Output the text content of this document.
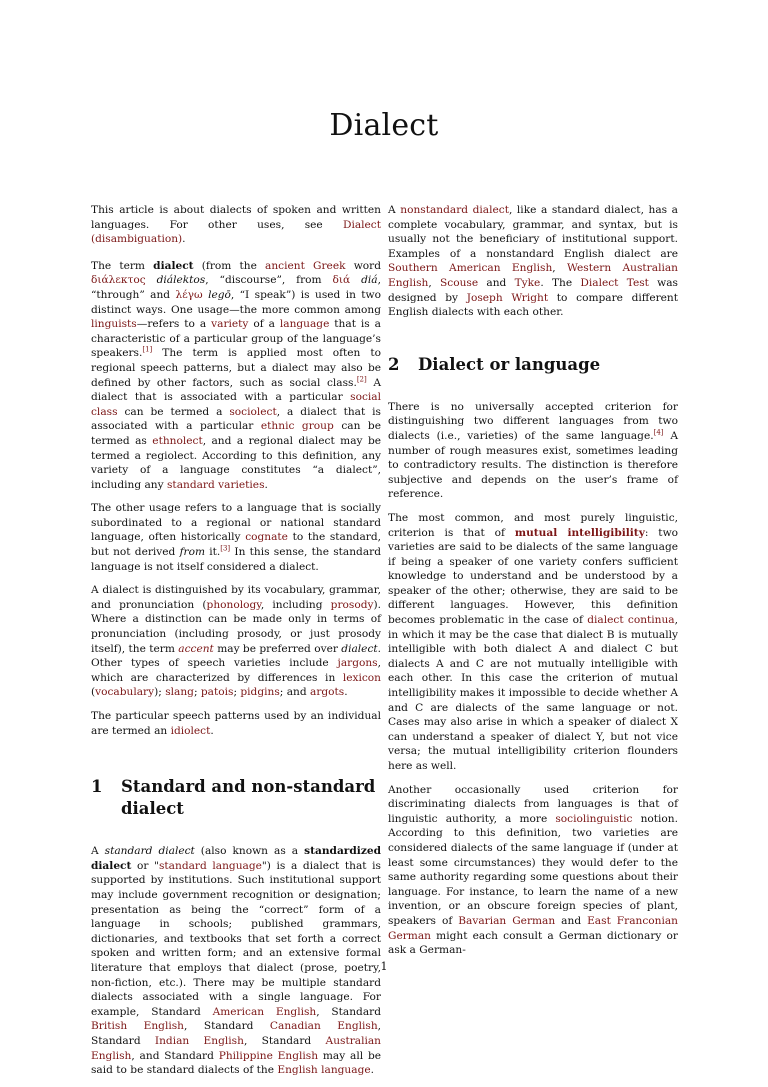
Dialect

This article is about dialects of spoken and written languages. For other uses, see Dialect (disambiguation).

The term dialect (from the ancient Greek word διάλεκτος diálektos, “discourse”, from διά diá, “through” and λέγω legō, “I speak”) is used in two distinct ways. One usage—the more common among linguists—refers to a variety of a language that is a characteristic of a particular group of the language’s speakers.[1] The term is applied most often to regional speech patterns, but a dialect may also be defined by other factors, such as social class.[2] A dialect that is associated with a particular social class can be termed a sociolect, a dialect that is associated with a particular ethnic group can be termed as ethnolect, and a regional dialect may be termed a regiolect. According to this definition, any variety of a language constitutes “a dialect”, including any standard varieties.

The other usage refers to a language that is socially subordinated to a regional or national standard language, often historically cognate to the standard, but not derived from it.[3] In this sense, the standard language is not itself considered a dialect.

A dialect is distinguished by its vocabulary, grammar, and pronunciation (phonology, including prosody). Where a distinction can be made only in terms of pronunciation (including prosody, or just prosody itself), the term accent may be preferred over dialect. Other types of speech varieties include jargons, which are characterized by differences in lexicon (vocabulary); slang; patois; pidgins; and argots.

The particular speech patterns used by an individual are termed an idiolect.

1	Standard and non-standard dialect

A standard dialect (also known as a standardized dialect or "standard language") is a dialect that is supported by institutions. Such institutional support may include government recognition or designation; presentation as being the “correct” form of a language in schools; published grammars, dictionaries, and textbooks that set forth a correct spoken and written form; and an extensive formal literature that employs that dialect (prose, poetry, non-fiction, etc.). There may be multiple standard dialects associated with a single language. For example, Standard American English, Standard British English, Standard Canadian English, Standard Indian English, Standard Australian English, and Standard Philippine English may all be said to be standard dialects of the English language.

A nonstandard dialect, like a standard dialect, has a complete vocabulary, grammar, and syntax, but is usually not the beneficiary of institutional support. Examples of a nonstandard English dialect are Southern American English, Western Australian English, Scouse and Tyke. The Dialect Test was designed by Joseph Wright to compare different English dialects with each other.

2	Dialect or language

There is no universally accepted criterion for distinguishing two different languages from two dialects (i.e., varieties) of the same language.[4] A number of rough measures exist, sometimes leading to contradictory results. The distinction is therefore subjective and depends on the user’s frame of reference.

The most common, and most purely linguistic, criterion is that of mutual intelligibility: two varieties are said to be dialects of the same language if being a speaker of one variety confers sufficient knowledge to understand and be understood by a speaker of the other; otherwise, they are said to be different languages. However, this definition becomes problematic in the case of dialect continua, in which it may be the case that dialect B is mutually intelligible with both dialect A and dialect C but dialects A and C are not mutually intelligible with each other. In this case the criterion of mutual intelligibility makes it impossible to decide whether A and C are dialects of the same language or not. Cases may also arise in which a speaker of dialect X can understand a speaker of dialect Y, but not vice versa; the mutual intelligibility criterion flounders here as well.

Another occasionally used criterion for discriminating dialects from languages is that of linguistic authority, a more sociolinguistic notion. According to this definition, two varieties are considered dialects of the same language if (under at least some circumstances) they would defer to the same authority regarding some questions about their language. For instance, to learn the name of a new invention, or an obscure foreign species of plant, speakers of Bavarian German and East Franconian German might each consult a German dictionary or ask a German-

1
